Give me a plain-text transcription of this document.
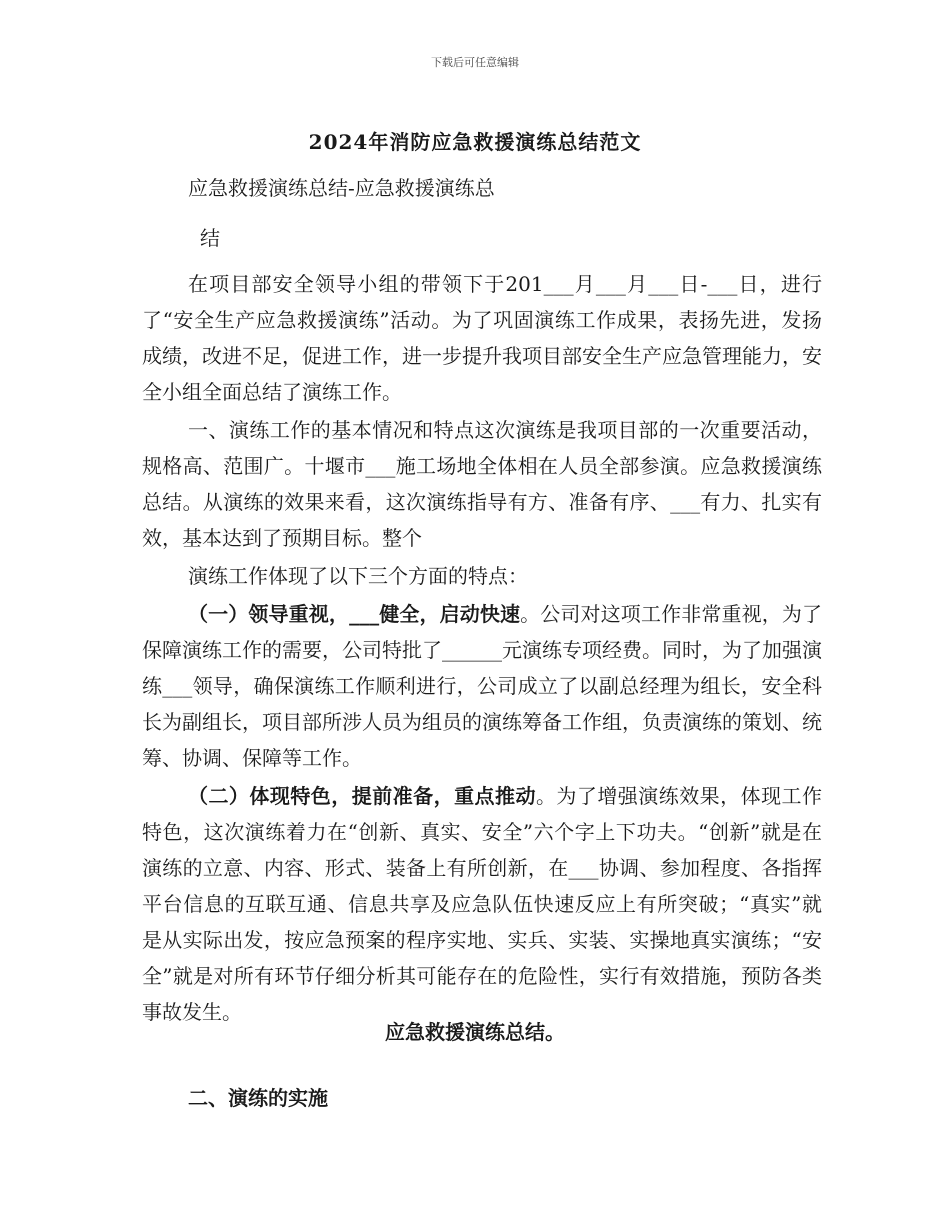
下载后可任意编辑
2024年消防应急救援演练总结范文
应急救援演练总结-应急救援演练总
结

在项目部安全领导小组的带领下于201___月___月___日-___日，进行了“安全生产应急救援演练”活动。为了巩固演练工作成果，表扬先进，发扬成绩，改进不足，促进工作，进一步提升我项目部安全生产应急管理能力，安全小组全面总结了演练工作。

一、演练工作的基本情况和特点这次演练是我项目部的一次重要活动，规格高、范围广。十堰市___施工场地全体相在人员全部参演。应急救援演练总结。从演练的效果来看，这次演练指导有方、准备有序、___有力、扎实有效，基本达到了预期目标。整个

演练工作体现了以下三个方面的特点：

（一）领导重视，___健全，启动快速。公司对这项工作非常重视，为了保障演练工作的需要，公司特批了______元演练专项经费。同时，为了加强演练___领导，确保演练工作顺利进行，公司成立了以副总经理为组长，安全科长为副组长，项目部所涉人员为组员的演练筹备工作组，负责演练的策划、统筹、协调、保障等工作。

（二）体现特色，提前准备，重点推动。为了增强演练效果，体现工作特色，这次演练着力在“创新、真实、安全”六个字上下功夫。“创新”就是在演练的立意、内容、形式、装备上有所创新，在___协调、参加程度、各指挥平台信息的互联互通、信息共享及应急队伍快速反应上有所突破；“真实”就是从实际出发，按应急预案的程序实地、实兵、实装、实操地真实演练；“安全”就是对所有环节仔细分析其可能存在的危险性，实行有效措施，预防各类事故发生。

应急救援演练总结。
二、演练的实施
